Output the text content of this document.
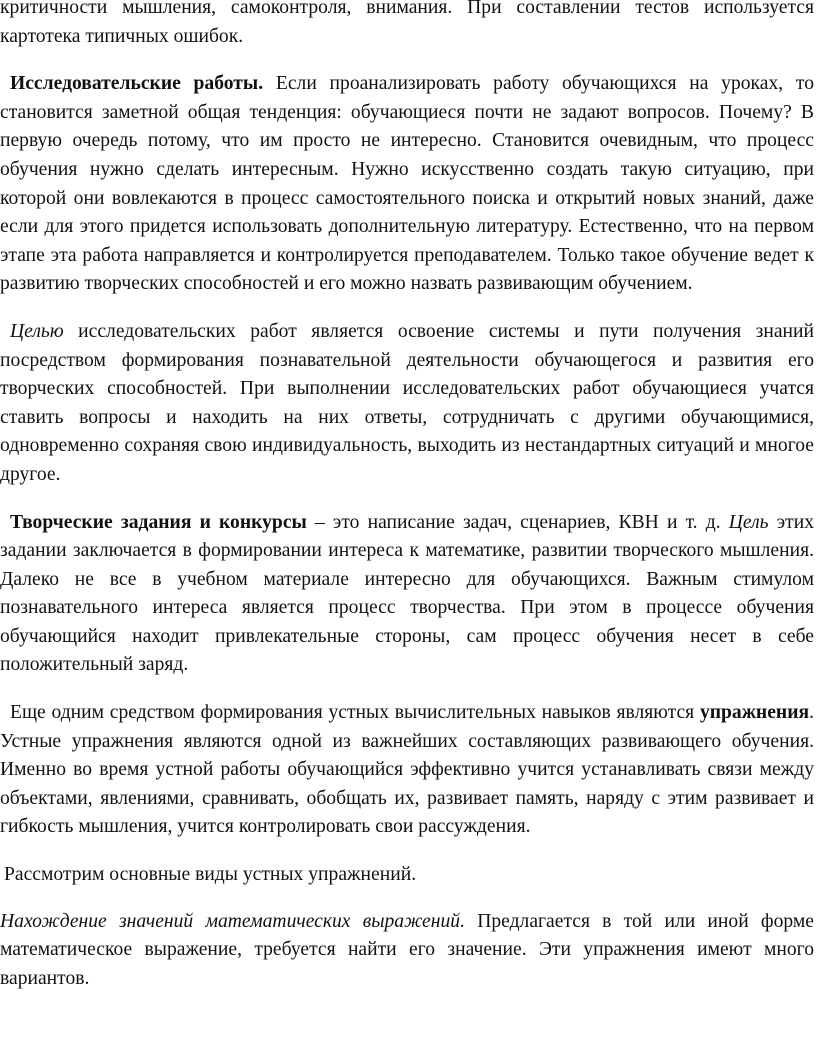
критичности мышления, самоконтроля, внимания. При составлении тестов используется картотека типичных ошибок.

Исследовательские работы. Если проанализировать работу обучающихся на уроках, то становится заметной общая тенденция: обучающиеся почти не задают вопросов. Почему? В первую очередь потому, что им просто не интересно. Становится очевидным, что процесс обучения нужно сделать интересным. Нужно искусственно создать такую ситуацию, при которой они вовлекаются в процесс самостоятельного поиска и открытий новых знаний, даже если для этого придется использовать дополнительную литературу. Естественно, что на первом этапе эта работа направляется и контролируется преподавателем. Только такое обучение ведет к развитию творческих способностей и его можно назвать развивающим обучением.

Целью исследовательских работ является освоение системы и пути получения знаний посредством формирования познавательной деятельности обучающегося и развития его творческих способностей. При выполнении исследовательских работ обучающиеся учатся ставить вопросы и находить на них ответы, сотрудничать с другими обучающимися, одновременно сохраняя свою индивидуальность, выходить из нестандартных ситуаций и многое другое.

Творческие задания и конкурсы – это написание задач, сценариев, КВН и т. д. Цель этих задании заключается в формировании интереса к математике, развитии творческого мышления. Далеко не все в учебном материале интересно для обучающихся. Важным стимулом познавательного интереса является процесс творчества. При этом в процессе обучения обучающийся находит привлекательные стороны, сам процесс обучения несет в себе положительный заряд.

Еще одним средством формирования устных вычислительных навыков являются упражнения. Устные упражнения являются одной из важнейших составляющих развивающего обучения. Именно во время устной работы обучающийся эффективно учится устанавливать связи между объектами, явлениями, сравнивать, обобщать их, развивает память, наряду с этим развивает и гибкость мышления, учится контролировать свои рассуждения.

Рассмотрим основные виды устных упражнений.

Нахождение значений математических выражений. Предлагается в той или иной форме математическое выражение, требуется найти его значение. Эти упражнения имеют много вариантов.
